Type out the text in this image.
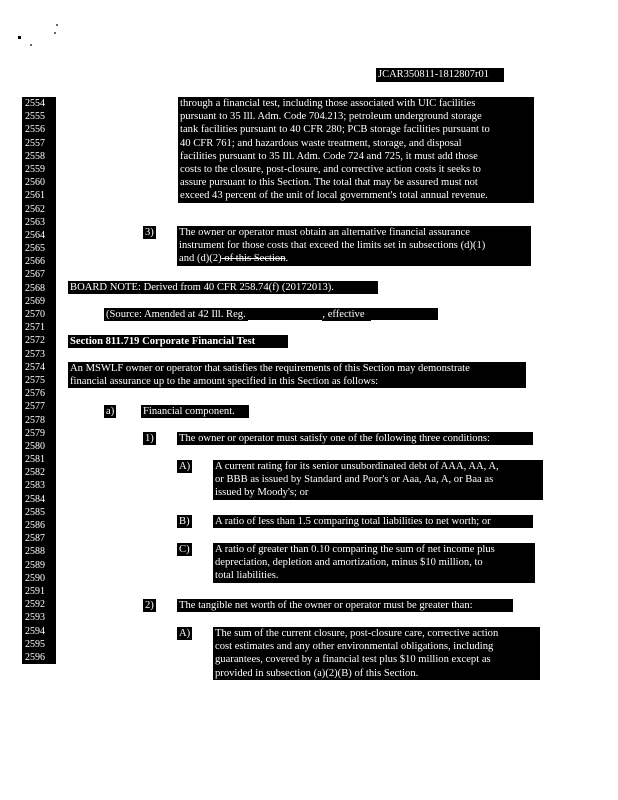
JCAR350811-1812807r01
2554
2555
2556
2557
2558
2559
2560
2561
2562
2563
2564
2565
2566
2567
2568
2569
2570
2571
2572
2573
2574
2575
2576
2577
2578
2579
2580
2581
2582
2583
2584
2585
2586
2587
2588
2589
2590
2591
2592
2593
2594
2595
2596
through a financial test, including those associated with UIC facilities
pursuant to 35 Ill. Adm. Code 704.213; petroleum underground storage
tank facilities pursuant to 40 CFR 280; PCB storage facilities pursuant to
40 CFR 761; and hazardous waste treatment, storage, and disposal
facilities pursuant to 35 Ill. Adm. Code 724 and 725, it must add those
costs to the closure, post-closure, and corrective action costs it seeks to
assure pursuant to this Section. The total that may be assured must not
exceed 43 percent of the unit of local government's total annual revenue.
3) The owner or operator must obtain an alternative financial assurance
instrument for those costs that exceed the limits set in subsections (d)(1)
and (d)(2) of this Section.
BOARD NOTE: Derived from 40 CFR 258.74(f) (20172013).
(Source: Amended at 42 Ill. Reg.	, effective	)
Section 811.719 Corporate Financial Test
An MSWLF owner or operator that satisfies the requirements of this Section may demonstrate
financial assurance up to the amount specified in this Section as follows:
a)	Financial component.
1) The owner or operator must satisfy one of the following three conditions:
A) A current rating for its senior unsubordinated debt of AAA, AA, A,
or BBB as issued by Standard and Poor's or Aaa, Aa, A, or Baa as
issued by Moody's; or
B) A ratio of less than 1.5 comparing total liabilities to net worth; or
C) A ratio of greater than 0.10 comparing the sum of net income plus
depreciation, depletion and amortization, minus $10 million, to
total liabilities.
2) The tangible net worth of the owner or operator must be greater than:
A) The sum of the current closure, post-closure care, corrective action
cost estimates and any other environmental obligations, including
guarantees, covered by a financial test plus $10 million except as
provided in subsection (a)(2)(B) of this Section.
